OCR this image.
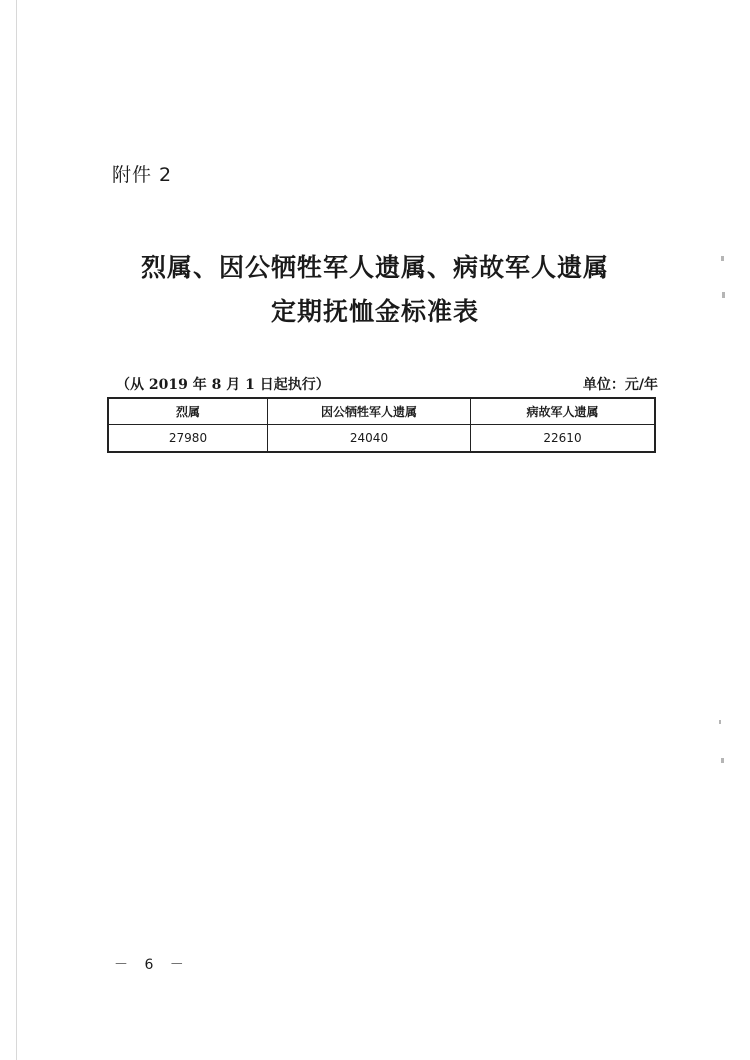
附件 2
烈属、因公牺牲军人遗属、病故军人遗属
定期抚恤金标准表
（从 2019 年 8 月 1 日起执行）	单位：元/年
烈属	因公牺牲军人遗属	病故军人遗属
27980	24040	22610
－ 6 －
